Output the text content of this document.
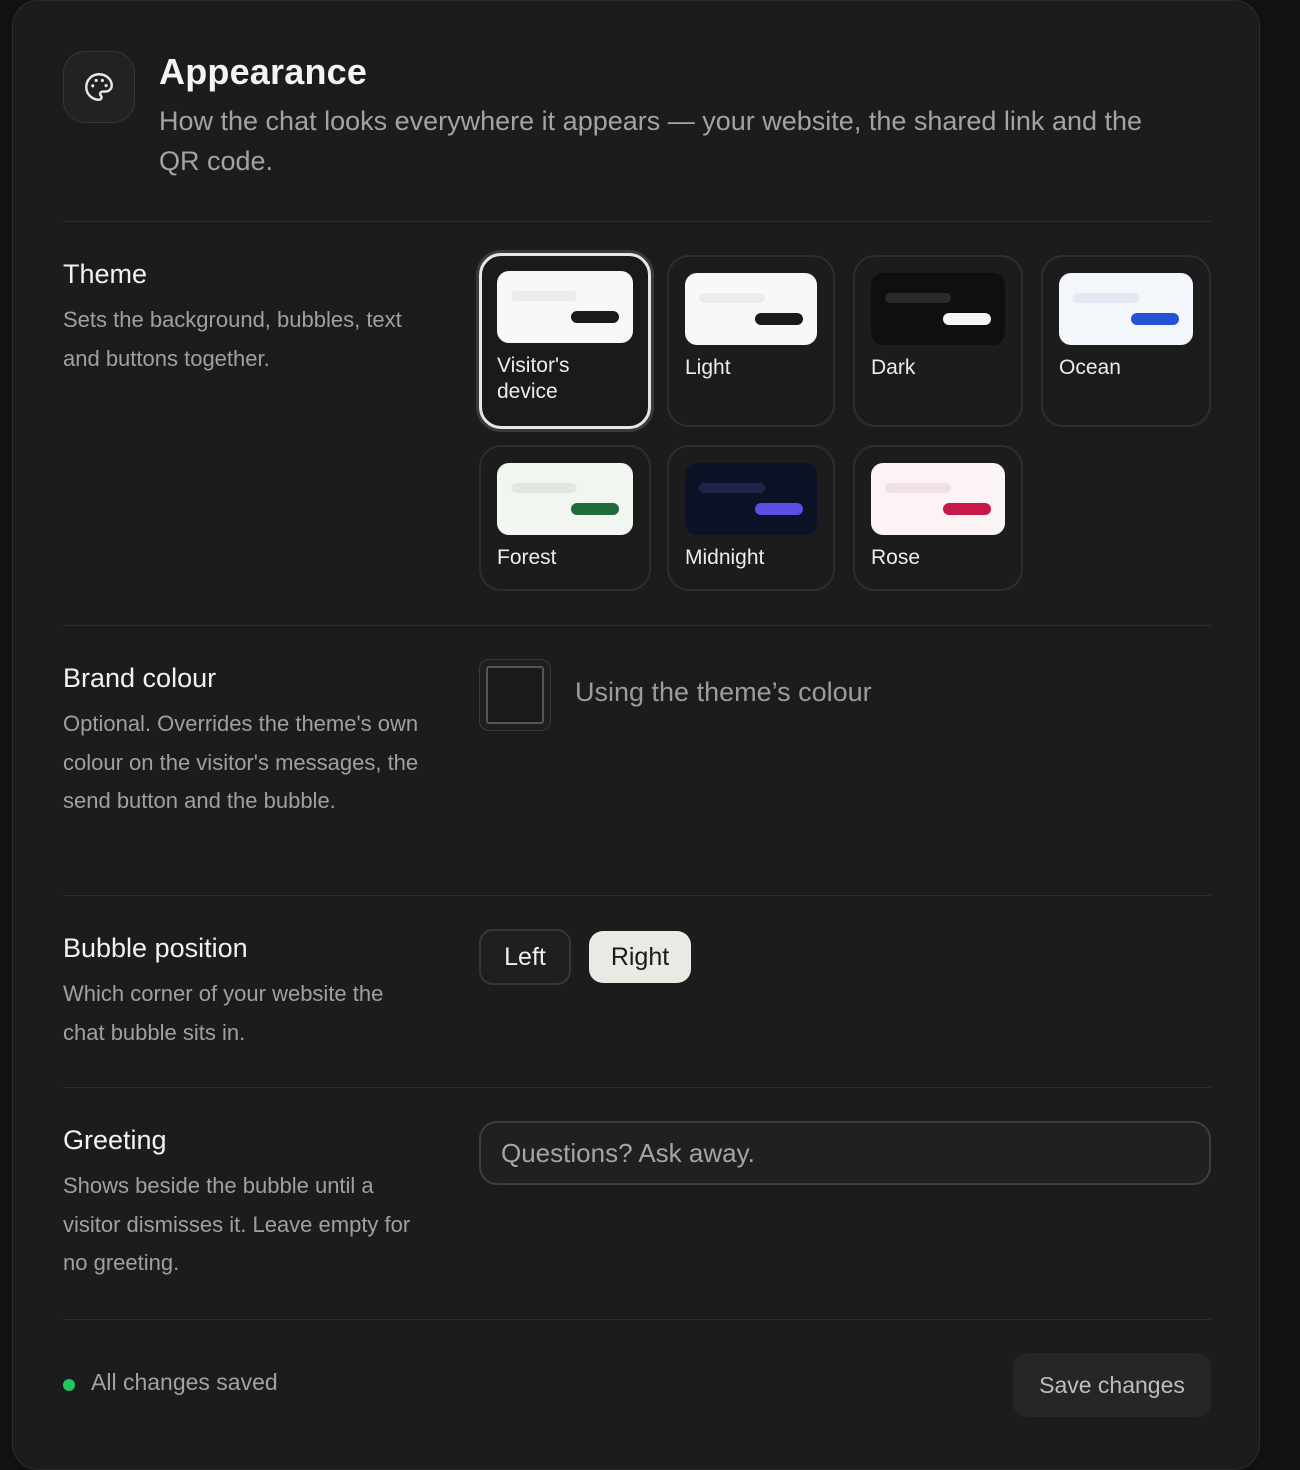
Appearance
How the chat looks everywhere it appears — your website, the shared link and the QR code.
Theme
Sets the background, bubbles, text and buttons together.	Visitor's device
Light	Dark	Ocean
Forest	Midnight	Rose
Brand colour
Optional. Overrides the theme's own colour on the visitor's messages, the send button and the bubble.
Using the theme’s colour
Bubble position
Which corner of your website the chat bubble sits in.
Left	Right
Greeting
Shows beside the bubble until a visitor dismisses it. Leave empty for no greeting.
Questions? Ask away.
All changes saved	Save changes
